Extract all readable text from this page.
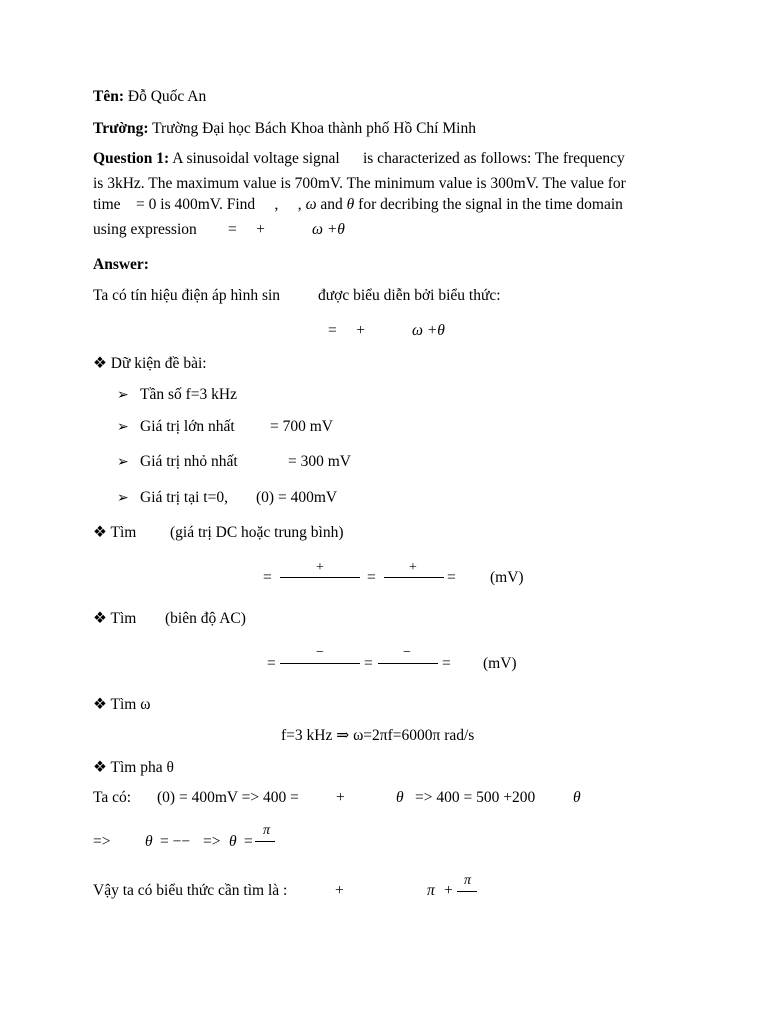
Tên: Đỗ Quốc An
Trường: Trường Đại học Bách Khoa thành phố Hồ Chí Minh
Question 1: A sinusoidal voltage signal      is characterized as follows: The frequency
is 3kHz. The maximum value is 700mV. The minimum value is 300mV. The value for
time    = 0 is 400mV. Find     ,     , ω and θ for decribing the signal in the time domain
using expression =     +	ω +θ
Answer:
Ta có tín hiệu điện áp hình sin được biểu diễn bởi biểu thức:
=     +	ω +θ
❖ Dữ kiện đề bài:
➢ Tần số f=3 kHz
➢ Giá trị lớn nhất = 700 mV
➢ Giá trị nhỏ nhất	= 300 mV
➢ Giá trị tại t=0, (0) = 400mV
❖ Tìm (giá trị DC hoặc trung bình)
=
+
=
+
= (mV)
❖ Tìm (biên độ AC)
=
−
=
−
= (mV)
❖ Tìm ω
f=3 kHz ⇒ ω=2πf=6000π rad/s
❖ Tìm pha θ
Ta có: (0) = 400mV => 400 = +	θ => 400 = 500 +200 θ
=> θ = −− => θ =
π
Vậy ta có biểu thức cần tìm là :	+	π +
π
